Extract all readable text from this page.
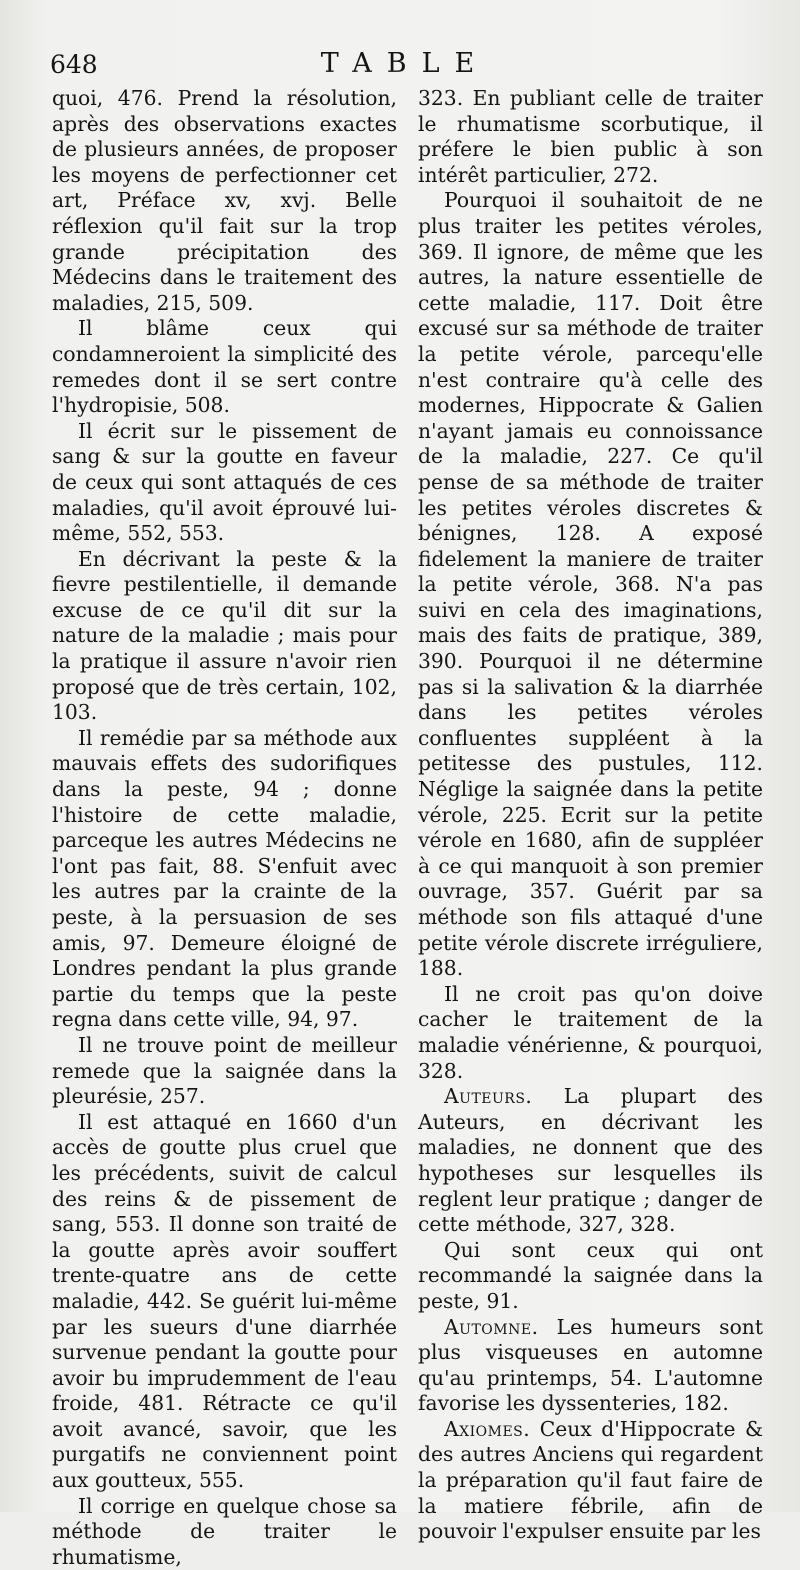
648	TABLE

quoi, 476. Prend la résolution, après des observations exactes de plusieurs années, de proposer les moyens de perfectionner cet art, Préface xv, xvj. Belle réflexion qu'il fait sur la trop grande précipitation des Médecins dans le traitement des maladies, 215, 509.

Il blâme ceux qui condamneroient la simplicité des remedes dont il se sert contre l'hydropisie, 508.

Il écrit sur le pissement de sang & sur la goutte en faveur de ceux qui sont attaqués de ces maladies, qu'il avoit éprouvé lui-même, 552, 553.

En décrivant la peste & la fievre pestilentielle, il demande excuse de ce qu'il dit sur la nature de la maladie ; mais pour la pratique il assure n'avoir rien proposé que de très certain, 102, 103.

Il remédie par sa méthode aux mauvais effets des sudorifiques dans la peste, 94 ; donne l'histoire de cette maladie, parceque les autres Médecins ne l'ont pas fait, 88. S'enfuit avec les autres par la crainte de la peste, à la persuasion de ses amis, 97. Demeure éloigné de Londres pendant la plus grande partie du temps que la peste regna dans cette ville, 94, 97.

Il ne trouve point de meilleur remede que la saignée dans la pleurésie, 257.

Il est attaqué en 1660 d'un accès de goutte plus cruel que les précédents, suivit de calcul des reins & de pissement de sang, 553. Il donne son traité de la goutte après avoir souffert trente-quatre ans de cette maladie, 442. Se guérit lui-même par les sueurs d'une diarrhée survenue pendant la goutte pour avoir bu imprudemment de l'eau froide, 481. Rétracte ce qu'il avoit avancé, savoir, que les purgatifs ne conviennent point aux goutteux, 555.

Il corrige en quelque chose sa méthode de traiter le rhumatisme,

323. En publiant celle de traiter le rhumatisme scorbutique, il préfere le bien public à son intérêt particulier, 272.

Pourquoi il souhaitoit de ne plus traiter les petites véroles, 369. Il ignore, de même que les autres, la nature essentielle de cette maladie, 117. Doit être excusé sur sa méthode de traiter la petite vérole, parcequ'elle n'est contraire qu'à celle des modernes, Hippocrate & Galien n'ayant jamais eu connoissance de la maladie, 227. Ce qu'il pense de sa méthode de traiter les petites véroles discretes & bénignes, 128. A exposé fidelement la maniere de traiter la petite vérole, 368. N'a pas suivi en cela des imaginations, mais des faits de pratique, 389, 390. Pourquoi il ne détermine pas si la salivation & la diarrhée dans les petites véroles confluentes suppléent à la petitesse des pustules, 112. Néglige la saignée dans la petite vérole, 225. Ecrit sur la petite vérole en 1680, afin de suppléer à ce qui manquoit à son premier ouvrage, 357. Guérit par sa méthode son fils attaqué d'une petite vérole discrete irréguliere, 188.

Il ne croit pas qu'on doive cacher le traitement de la maladie vénérienne, & pourquoi, 328.

Auteurs. La plupart des Auteurs, en décrivant les maladies, ne donnent que des hypotheses sur lesquelles ils reglent leur pratique ; danger de cette méthode, 327, 328.

Qui sont ceux qui ont recommandé la saignée dans la peste, 91.

Automne. Les humeurs sont plus visqueuses en automne qu'au printemps, 54. L'automne favorise les dyssenteries, 182.

Axiomes. Ceux d'Hippocrate & des autres Anciens qui regardent la préparation qu'il faut faire de la matiere fébrile, afin de pouvoir l'expulser ensuite par les
